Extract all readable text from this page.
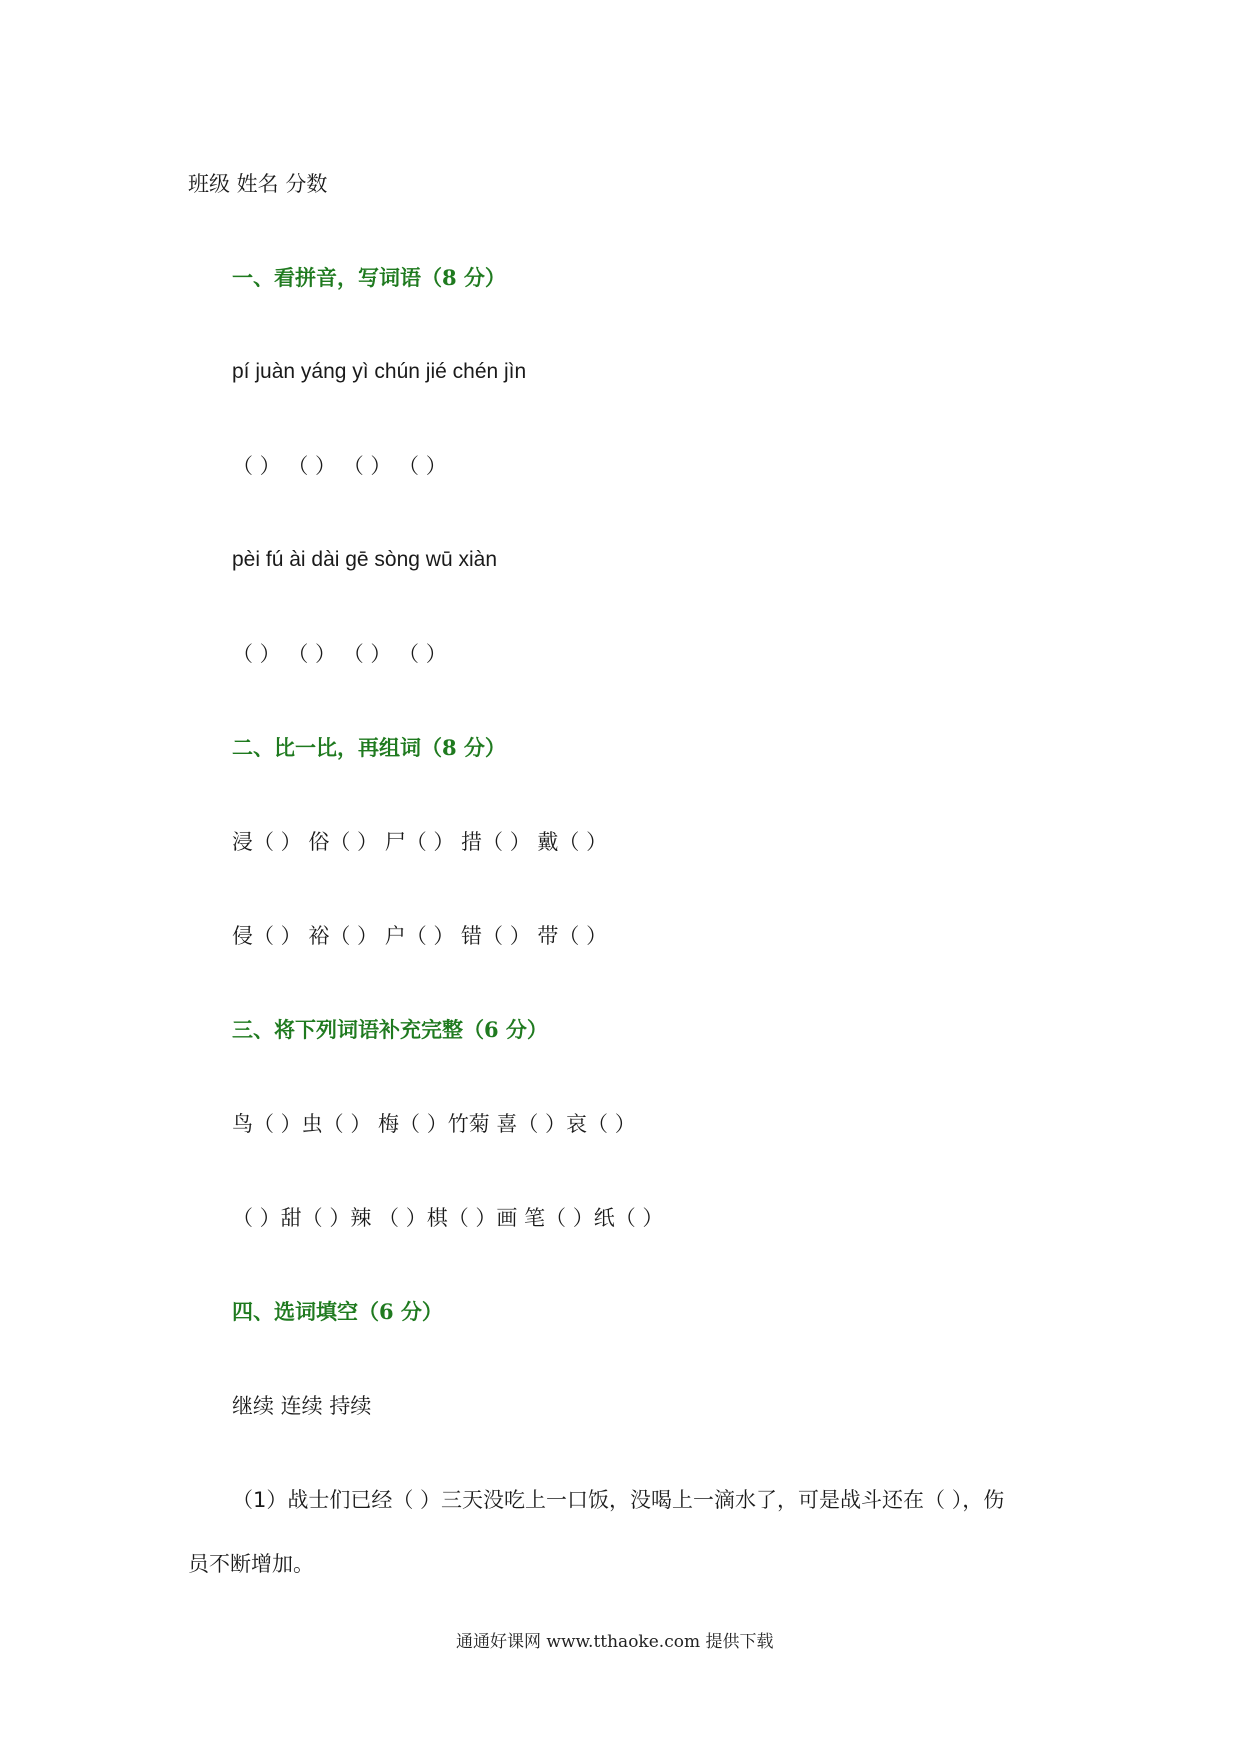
班级 姓名 分数
一、看拼音，写词语（8 分）
pí juàn yánɡ yì chún jié chén jìn
（ ） （ ） （ ） （ ）
pèi fú ài dài ɡē sònɡ wū xiàn
（ ） （ ） （ ） （ ）
二、比一比，再组词（8 分）
浸（ ） 俗（ ） 尸（ ） 措（ ） 戴（ ）
侵（ ） 裕（ ） 户（ ） 错（ ） 带（ ）
三、将下列词语补充完整（6 分）
鸟（ ）虫（ ） 梅（ ）竹菊 喜（ ）哀（ ）
（ ）甜（ ）辣 （ ）棋（ ）画 笔（ ）纸（ ）
四、选词填空（6 分）
继续 连续 持续
（1）战士们已经（ ）三天没吃上一口饭，没喝上一滴水了，可是战斗还在（ ），伤
员不断增加。
通通好课网 www.tthaoke.com 提供下载
